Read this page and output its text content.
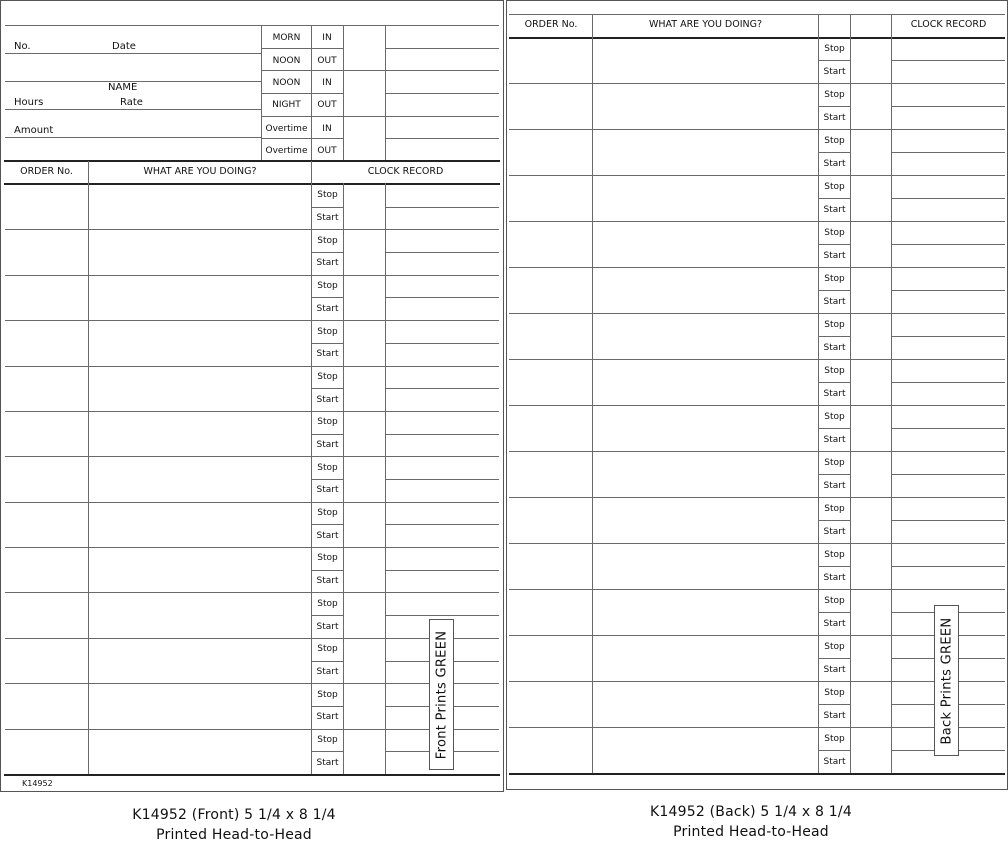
No.	Date
NAME
Hours	Rate
Amount
MORN	IN
NOON	OUT
NOON	IN
NIGHT	OUT
Overtime	IN
Overtime	OUT
ORDER No.	WHAT ARE YOU DOING?	CLOCK RECORD
Stop
Start
Stop
Start
Stop
Start
Stop
Start
Stop
Start
Stop
Start
Stop
Start
Stop
Start
Stop
Start
Stop
Start
Stop
Start
Stop
Start
Stop
Start
K14952
ORDER No.	WHAT ARE YOU DOING?	CLOCK RECORD
Stop
Start
Stop
Start
Stop
Start
Stop
Start
Stop
Start
Stop
Start
Stop
Start
Stop
Start
Stop
Start
Stop
Start
Stop
Start
Stop
Start
Stop
Start
Stop
Start
Stop
Start
Stop
Start
Front Prints GREEN	Back Prints GREEN
K14952 (Front) 5 1/4 x 8 1/4
Printed Head-to-Head
K14952 (Back) 5 1/4 x 8 1/4
Printed Head-to-Head
